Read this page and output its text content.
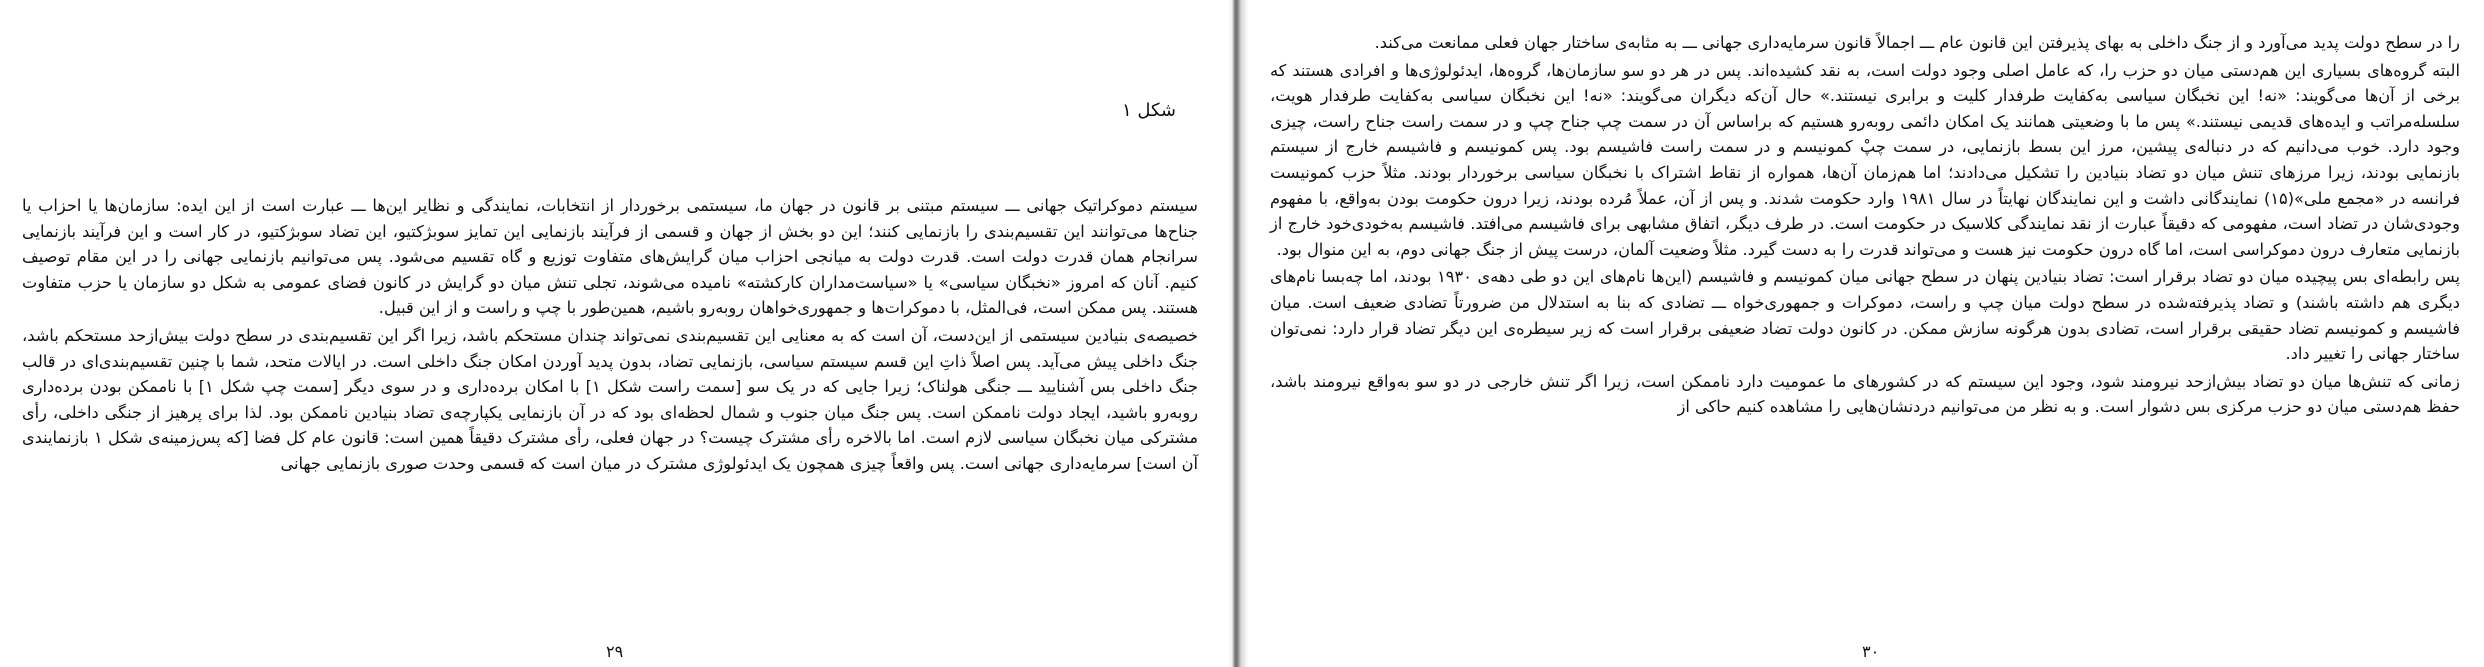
شکل ۱

سیستم دموکراتیک جهانی ـــ سیستم مبتنی بر قانون در جهان ما، سیستمی برخوردار از انتخابات، نمایندگی و نظایر این‌ها ـــ عبارت است از این ایده: سازمان‌ها یا احزاب یا جناح‌ها می‌توانند این تقسیم‌بندی را بازنمایی کنند؛ این دو بخش از جهان و قسمی از فرآیند بازنمایی این تمایز سوبژکتیو، این تضاد سوبژکتیو، در کار است و این فرآیند بازنمایی سرانجام همان قدرت دولت است. قدرت دولت به میانجی احزاب میان گرایش‌های متفاوت توزیع و گاه تقسیم می‌شود. پس می‌توانیم بازنمایی جهانی را در این مقام توصیف کنیم. آنان که امروز «نخبگان سیاسی» یا «سیاست‌مداران کارکشته» نامیده می‌شوند، تجلی تنش میان دو گرایش در کانون فضای عمومی به شکل دو سازمان یا حزب متفاوت هستند. پس ممکن است، فی‌المثل، با دموکرات‌ها و جمهوری‌خواهان روبه‌رو باشیم، همین‌طور با چپ و راست و از این قبیل.

خصیصه‌ی بنیادین سیستمی از این‌دست، آن است که به معنایی این تقسیم‌بندی نمی‌تواند چندان مستحکم باشد، زیرا اگر این تقسیم‌بندی در سطح دولت بیش‌ازحد مستحکم باشد، جنگ داخلی پیش می‌آید. پس اصلاً ذاتِ این قسم سیستم سیاسی، بازنمایی تضاد، بدون پدید آوردن امکان جنگ داخلی است. در ایالات متحد، شما با چنین تقسیم‌بندی‌ای در قالب جنگ داخلی بس آشنایید ـــ جنگی هولناک؛ زیرا جایی که در یک سو [سمت راست شکل ۱] با امکان برده‌داری و در سوی دیگر [سمت چپ شکل ۱] با ناممکن بودن برده‌داری روبه‌رو باشید، ایجاد دولت ناممکن است. پس جنگ میان جنوب و شمال لحظه‌ای بود که در آن بازنمایی یکپارچه‌ی تضاد بنیادین ناممکن بود. لذا برای پرهیز از جنگی داخلی، رأی مشترکی میان نخبگان سیاسی لازم است. اما بالاخره رأی مشترک چیست؟ در جهان فعلی، رأی مشترک دقیقاً همین است: قانون عام کل فضا [که پس‌زمینه‌ی شکل ۱ بازنمایندی آن است] سرمایه‌داری جهانی است. پس واقعاً چیزی همچون یک ایدئولوژی مشترک در میان است که قسمی وحدت صوری بازنمایی جهانی

۲۹

را در سطح دولت پدید می‌آورد و از جنگ داخلی به بهای پذیرفتن این قانون عام ـــ اجمالاً قانون سرمایه‌داری جهانی ـــ به مثابه‌ی ساختار جهان فعلی ممانعت می‌کند.

البته گروه‌های بسیاری این هم‌دستی میان دو حزب را، که عامل اصلی وجود دولت است، به نقد کشیده‌اند. پس در هر دو سو سازمان‌ها، گروه‌ها، ایدئولوژی‌ها و افرادی هستند که برخی از آن‌ها می‌گویند: «نه! این نخبگان سیاسی به‌کفایت طرفدار کلیت و برابری نیستند.» حال آن‌که دیگران می‌گویند: «نه! این نخبگان سیاسی به‌کفایت طرفدار هویت، سلسله‌مراتب و ایده‌های قدیمی نیستند.» پس ما با وضعیتی همانند یک امکان دائمی روبه‌رو هستیم که براساس آن در سمت چپ جناح چپ و در سمت راست جناح راست، چیزی وجود دارد. خوب می‌دانیم که در دنباله‌ی پیشین، مرز این بسط بازنمایی، در سمت چپْ کمونیسم و در سمت راست فاشیسم بود. پس کمونیسم و فاشیسم خارج از سیستم بازنمایی بودند، زیرا مرزهای تنش میان دو تضاد بنیادین را تشکیل می‌دادند؛ اما هم‌زمان آن‌ها، همواره از نقاط اشتراک با نخبگان سیاسی برخوردار بودند. مثلاً حزب کمونیست فرانسه در «مجمع ملی»(۱۵) نمایندگانی داشت و این نمایندگان نهایتاً در سال ۱۹۸۱ وارد حکومت شدند. و پس از آن، عملاً مُرده بودند، زیرا درون حکومت بودن به‌واقع، با مفهوم وجودی‌شان در تضاد است، مفهومی که دقیقاً عبارت از نقد نمایندگی کلاسیک در حکومت است. در طرف دیگر، اتفاق مشابهی برای فاشیسم می‌افتد. فاشیسم به‌خودی‌خود خارج از بازنمایی متعارف درون دموکراسی است، اما گاه درون حکومت نیز هست و می‌تواند قدرت را به دست گیرد. مثلاً وضعیت آلمان، درست پیش از جنگ جهانی دوم، به این منوال بود.

پس رابطه‌ای بس پیچیده میان دو تضاد برقرار است: تضاد بنیادین پنهان در سطح جهانی میان کمونیسم و فاشیسم (این‌ها نام‌های این دو طی دهه‌ی ۱۹۳۰ بودند، اما چه‌بسا نام‌های دیگری هم داشته باشند) و تضاد پذیرفته‌شده در سطح دولت میان چپ و راست، دموکرات و جمهوری‌خواه ـــ تضادی که بنا به استدلال من ضرورتاً تضادی ضعیف است. میان فاشیسم و کمونیسم تضاد حقیقی برقرار است، تضادی بدون هرگونه سازش ممکن. در کانون دولت تضاد ضعیفی برقرار است که زیر سیطره‌ی این دیگر تضاد قرار دارد: نمی‌توان ساختار جهانی را تغییر داد.

زمانی که تنش‌ها میان دو تضاد بیش‌ازحد نیرومند شود، وجود این سیستم که در کشورهای ما عمومیت دارد ناممکن است، زیرا اگر تنش خارجی در دو سو به‌واقع نیرومند باشد، حفظ هم‌دستی میان دو حزب مرکزی بس دشوار است. و به نظر من می‌توانیم دردنشان‌هایی را مشاهده کنیم حاکی از

۳۰
